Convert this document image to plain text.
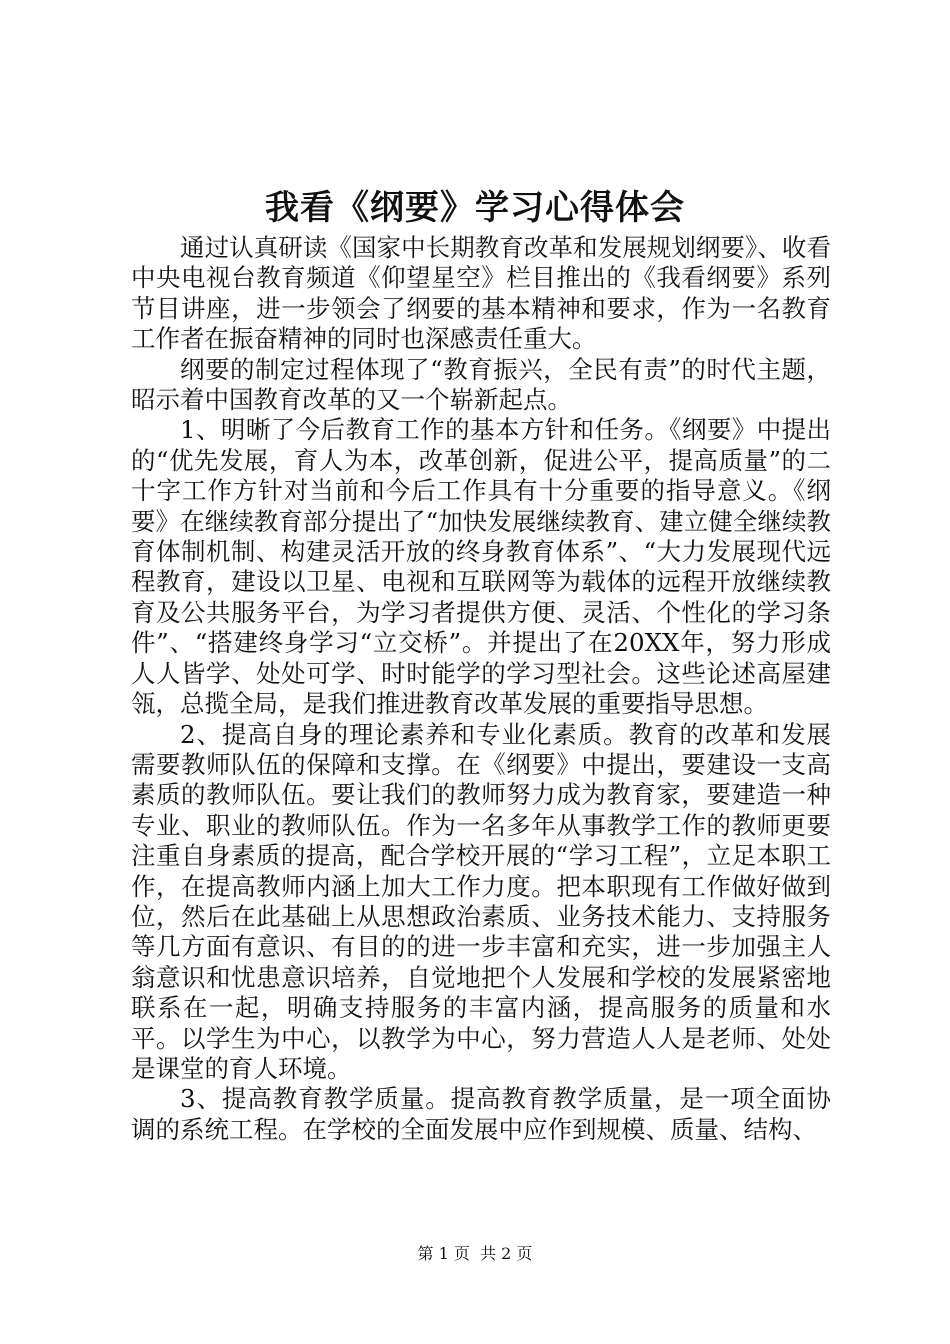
我看《纲要》学习心得体会

通过认真研读《国家中长期教育改革和发展规划纲要》、收看中央电视台教育频道《仰望星空》栏目推出的《我看纲要》系列节目讲座，进一步领会了纲要的基本精神和要求，作为一名教育工作者在振奋精神的同时也深感责任重大。

纲要的制定过程体现了“教育振兴，全民有责”的时代主题，昭示着中国教育改革的又一个崭新起点。

1、明晰了今后教育工作的基本方针和任务。《纲要》中提出的“优先发展，育人为本，改革创新，促进公平，提高质量”的二十字工作方针对当前和今后工作具有十分重要的指导意义。《纲要》在继续教育部分提出了“加快发展继续教育、建立健全继续教育体制机制、构建灵活开放的终身教育体系”、“大力发展现代远程教育，建设以卫星、电视和互联网等为载体的远程开放继续教育及公共服务平台，为学习者提供方便、灵活、个性化的学习条件”、“搭建终身学习“立交桥”。并提出了在20XX年，努力形成人人皆学、处处可学、时时能学的学习型社会。这些论述高屋建瓴，总揽全局，是我们推进教育改革发展的重要指导思想。

2、提高自身的理论素养和专业化素质。教育的改革和发展需要教师队伍的保障和支撑。在《纲要》中提出，要建设一支高素质的教师队伍。要让我们的教师努力成为教育家，要建造一种专业、职业的教师队伍。作为一名多年从事教学工作的教师更要注重自身素质的提高，配合学校开展的“学习工程”，立足本职工作，在提高教师内涵上加大工作力度。把本职现有工作做好做到位，然后在此基础上从思想政治素质、业务技术能力、支持服务等几方面有意识、有目的的进一步丰富和充实，进一步加强主人翁意识和忧患意识培养，自觉地把个人发展和学校的发展紧密地联系在一起，明确支持服务的丰富内涵，提高服务的质量和水平。以学生为中心，以教学为中心，努力营造人人是老师、处处是课堂的育人环境。

3、提高教育教学质量。提高教育教学质量，是一项全面协调的系统工程。在学校的全面发展中应作到规模、质量、结构、

第 1 页  共 2 页
